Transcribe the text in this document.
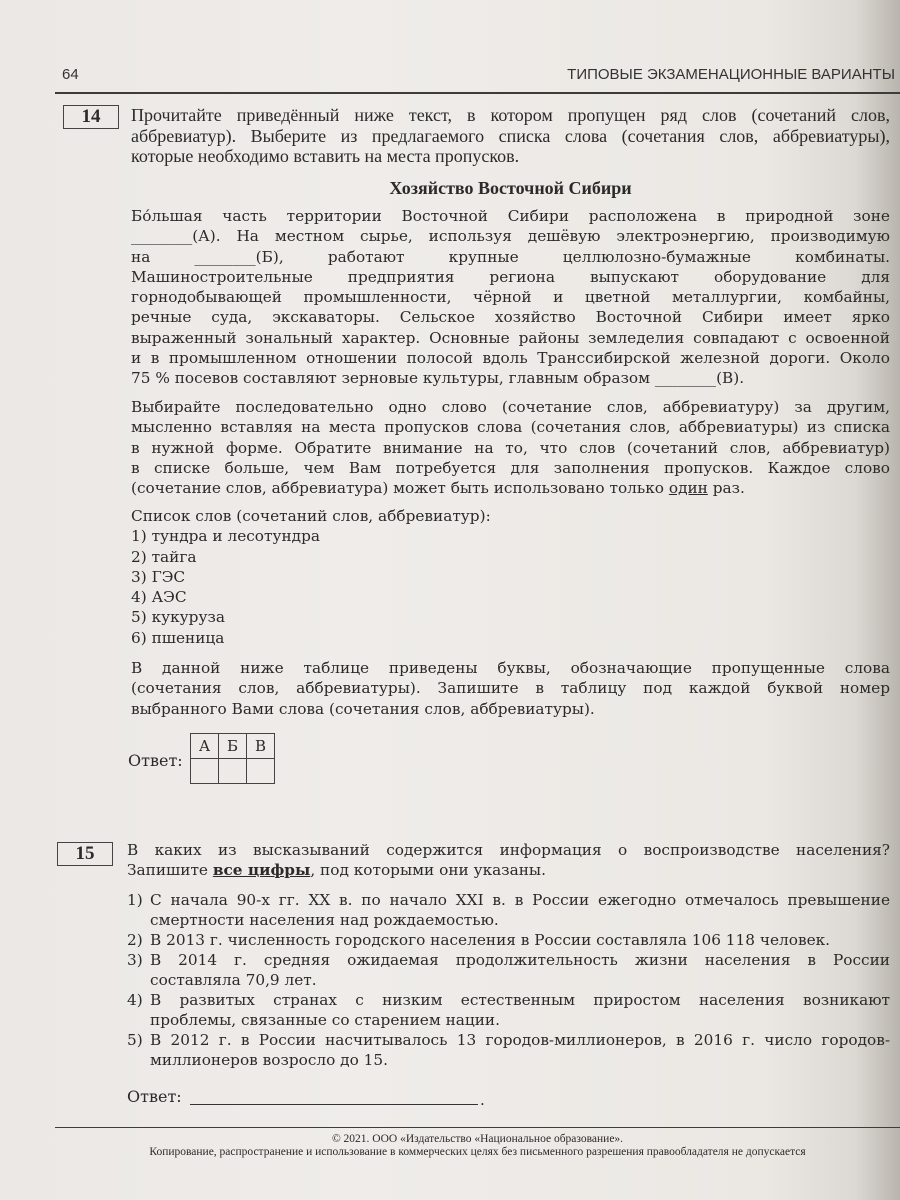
64	ТИПОВЫЕ ЭКЗАМЕНАЦИОННЫЕ ВАРИАНТЫ
14	Прочитайте приведённый ниже текст, в котором пропущен ряд слов (сочетаний слов,
аббревиатур). Выберите из предлагаемого списка слова (сочетания слов, аббревиатуры),
которые необходимо вставить на места пропусков.
Хозяйство Восточной Сибири
Бо́льшая часть территории Восточной Сибири расположена в природной зоне
________(А). На местном сырье, используя дешёвую электроэнергию, производимую
на ________(Б), работают крупные целлюлозно-бумажные комбинаты.
Машиностроительные предприятия региона выпускают оборудование для
горнодобывающей промышленности, чёрной и цветной металлургии, комбайны,
речные суда, экскаваторы. Сельское хозяйство Восточной Сибири имеет ярко
выраженный зональный характер. Основные районы земледелия совпадают с освоенной
и в промышленном отношении полосой вдоль Транссибирской железной дороги. Около
75 % посевов составляют зерновые культуры, главным образом ________(В).
Выбирайте последовательно одно слово (сочетание слов, аббревиатуру) за другим,
мысленно вставляя на места пропусков слова (сочетания слов, аббревиатуры) из списка
в нужной форме. Обратите внимание на то, что слов (сочетаний слов, аббревиатур)
в списке больше, чем Вам потребуется для заполнения пропусков. Каждое слово
(сочетание слов, аббревиатура) может быть использовано только один раз.
Список слов (сочетаний слов, аббревиатур):
1) тундра и лесотундра
2) тайга
3) ГЭС
4) АЭС
5) кукуруза
6) пшеница
В данной ниже таблице приведены буквы, обозначающие пропущенные слова
(сочетания слов, аббревиатуры). Запишите в таблицу под каждой буквой номер
выбранного Вами слова (сочетания слов, аббревиатуры).
Ответ:
А	Б	В

15	В каких из высказываний содержится информация о воспроизводстве населения?
Запишите все цифры, под которыми они указаны.
1) С начала 90-х гг. XX в. по начало XXI в. в России ежегодно отмечалось превышение
смертности населения над рождаемостью.
2) В 2013 г. численность городского населения в России составляла 106 118 человек.
3) В 2014 г. средняя ожидаемая продолжительность жизни населения в России
составляла 70,9 лет.
4) В развитых странах с низким естественным приростом населения возникают
проблемы, связанные со старением нации.
5) В 2012 г. в России насчитывалось 13 городов-миллионеров, в 2016 г. число городов-
миллионеров возросло до 15.
Ответ:	.
© 2021. ООО «Издательство «Национальное образование».
Копирование, распространение и использование в коммерческих целях без письменного разрешения правообладателя не допускается
